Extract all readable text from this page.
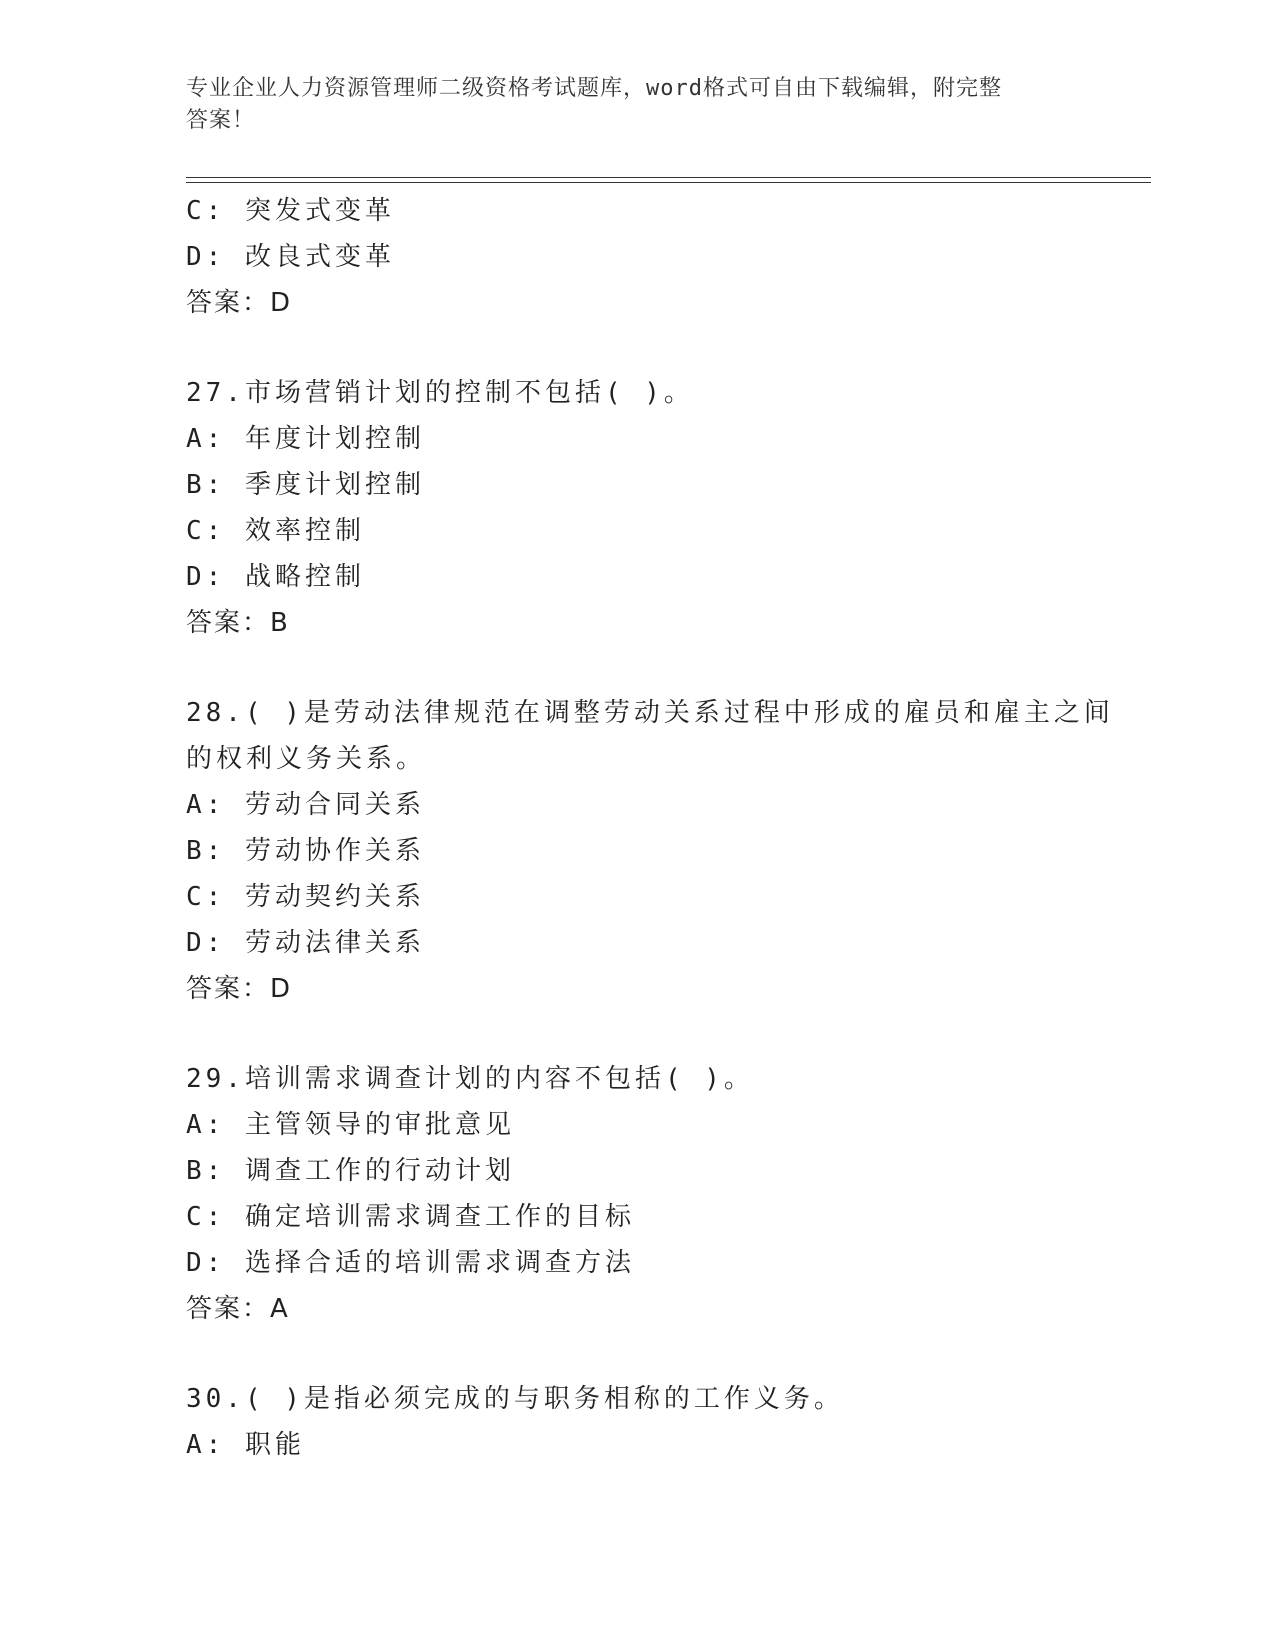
专业企业人力资源管理师二级资格考试题库，word格式可自由下载编辑，附完整
答案！
C: 突发式变革
D: 改良式变革
答案：D
27.市场营销计划的控制不包括( )。
A: 年度计划控制
B: 季度计划控制
C: 效率控制
D: 战略控制
答案：B
28.( )是劳动法律规范在调整劳动关系过程中形成的雇员和雇主之间
的权利义务关系。
A: 劳动合同关系
B: 劳动协作关系
C: 劳动契约关系
D: 劳动法律关系
答案：D
29.培训需求调查计划的内容不包括( )。
A: 主管领导的审批意见
B: 调查工作的行动计划
C: 确定培训需求调查工作的目标
D: 选择合适的培训需求调查方法
答案：A
30.( )是指必须完成的与职务相称的工作义务。
A: 职能
